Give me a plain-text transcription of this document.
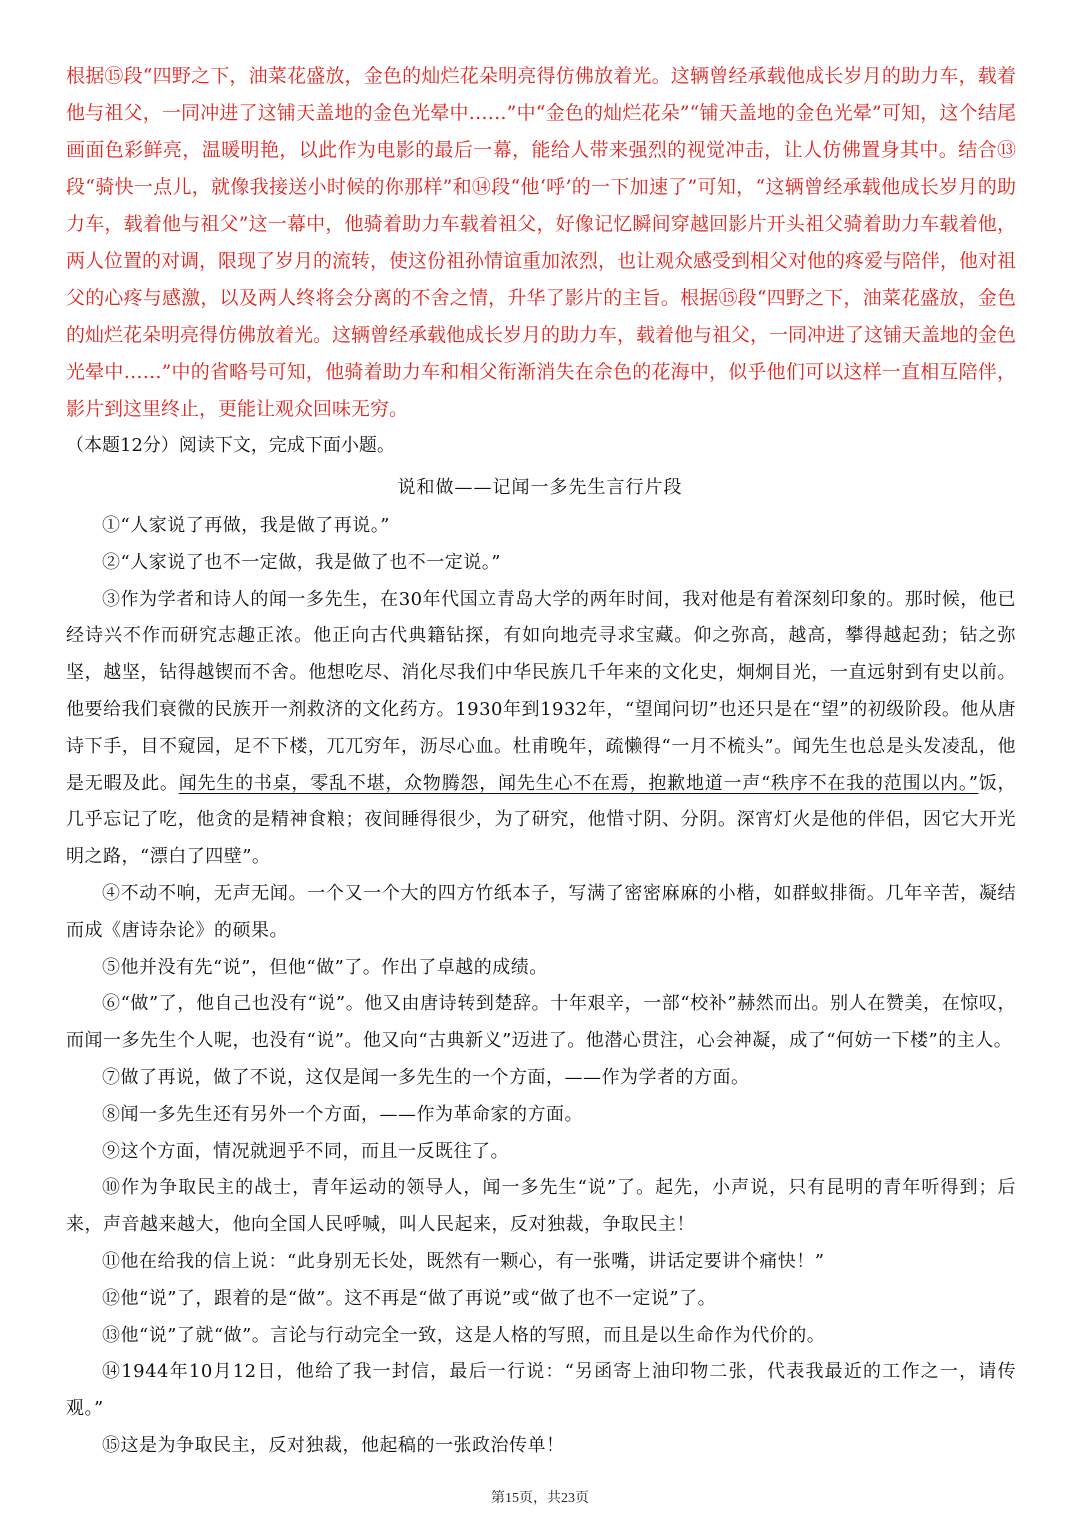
根据⑮段“四野之下，油菜花盛放，金色的灿烂花朵明亮得仿佛放着光。这辆曾经承载他成长岁月的助力车，载着他与祖父，一同冲进了这铺天盖地的金色光晕中……”中“金色的灿烂花朵”“铺天盖地的金色光晕”可知，这个结尾画面色彩鲜亮，温暖明艳，以此作为电影的最后一幕，能给人带来强烈的视觉冲击，让人仿佛置身其中。结合⑬段“骑快一点儿，就像我接送小时候的你那样”和⑭段“他‘呼’的一下加速了”可知，“这辆曾经承载他成长岁月的助力车，载着他与祖父”这一幕中，他骑着助力车载着祖父，好像记忆瞬间穿越回影片开头祖父骑着助力车载着他，两人位置的对调，限现了岁月的流转，使这份祖孙情谊重加浓烈，也让观众感受到相父对他的疼爱与陪伴，他对祖父的心疼与感激，以及两人终将会分离的不舍之情，升华了影片的主旨。根据⑮段“四野之下，油菜花盛放，金色的灿烂花朵明亮得仿佛放着光。这辆曾经承载他成长岁月的助力车，载着他与祖父，一同冲进了这铺天盖地的金色光晕中……”中的省略号可知，他骑着助力车和相父衔渐消失在佘色的花海中，似乎他们可以这样一直相互陪伴，影片到这里终止，更能让观众回味无穷。

（本题12分）阅读下文，完成下面小题。

说和做——记闻一多先生言行片段

①“人家说了再做，我是做了再说。”

②“人家说了也不一定做，我是做了也不一定说。”

③作为学者和诗人的闻一多先生，在30年代国立青岛大学的两年时间，我对他是有着深刻印象的。那时候，他已经诗兴不作而研究志趣正浓。他正向古代典籍钻探，有如向地壳寻求宝藏。仰之弥高，越高，攀得越起劲；钻之弥坚，越坚，钻得越锲而不舍。他想吃尽、消化尽我们中华民族几千年来的文化史，炯炯目光，一直远射到有史以前。他要给我们衰微的民族开一剂救济的文化药方。1930年到1932年，“望闻问切”也还只是在“望”的初级阶段。他从唐诗下手，目不窥园，足不下楼，兀兀穷年，沥尽心血。杜甫晚年，疏懒得“一月不梳头”。闻先生也总是头发凌乱，他是无暇及此。闻先生的书桌，零乱不堪，众物腾怨，闻先生心不在焉，抱歉地道一声“秩序不在我的范围以内。”饭，几乎忘记了吃，他贪的是精神食粮；夜间睡得很少，为了研究，他惜寸阴、分阴。深宵灯火是他的伴侣，因它大开光明之路，“漂白了四壁”。

④不动不响，无声无闻。一个又一个大的四方竹纸本子，写满了密密麻麻的小楷，如群蚁排衙。几年辛苦，凝结而成《唐诗杂论》的硕果。

⑤他并没有先“说”，但他“做”了。作出了卓越的成绩。

⑥“做”了，他自己也没有“说”。他又由唐诗转到楚辞。十年艰辛，一部“校补”赫然而出。别人在赞美，在惊叹，而闻一多先生个人呢，也没有“说”。他又向“古典新义”迈进了。他潜心贯注，心会神凝，成了“何妨一下楼”的主人。

⑦做了再说，做了不说，这仅是闻一多先生的一个方面，——作为学者的方面。

⑧闻一多先生还有另外一个方面，——作为革命家的方面。

⑨这个方面，情况就迥乎不同，而且一反既往了。

⑩作为争取民主的战士，青年运动的领导人，闻一多先生“说”了。起先，小声说，只有昆明的青年听得到；后来，声音越来越大，他向全国人民呼喊，叫人民起来，反对独裁，争取民主！

⑪他在给我的信上说：“此身别无长处，既然有一颗心，有一张嘴，讲话定要讲个痛快！”

⑫他“说”了，跟着的是“做”。这不再是“做了再说”或“做了也不一定说”了。

⑬他“说”了就“做”。言论与行动完全一致，这是人格的写照，而且是以生命作为代价的。

⑭1944年10月12日，他给了我一封信，最后一行说：“另函寄上油印物二张，代表我最近的工作之一，请传观。”

⑮这是为争取民主，反对独裁，他起稿的一张政治传单！

第15页，共23页
